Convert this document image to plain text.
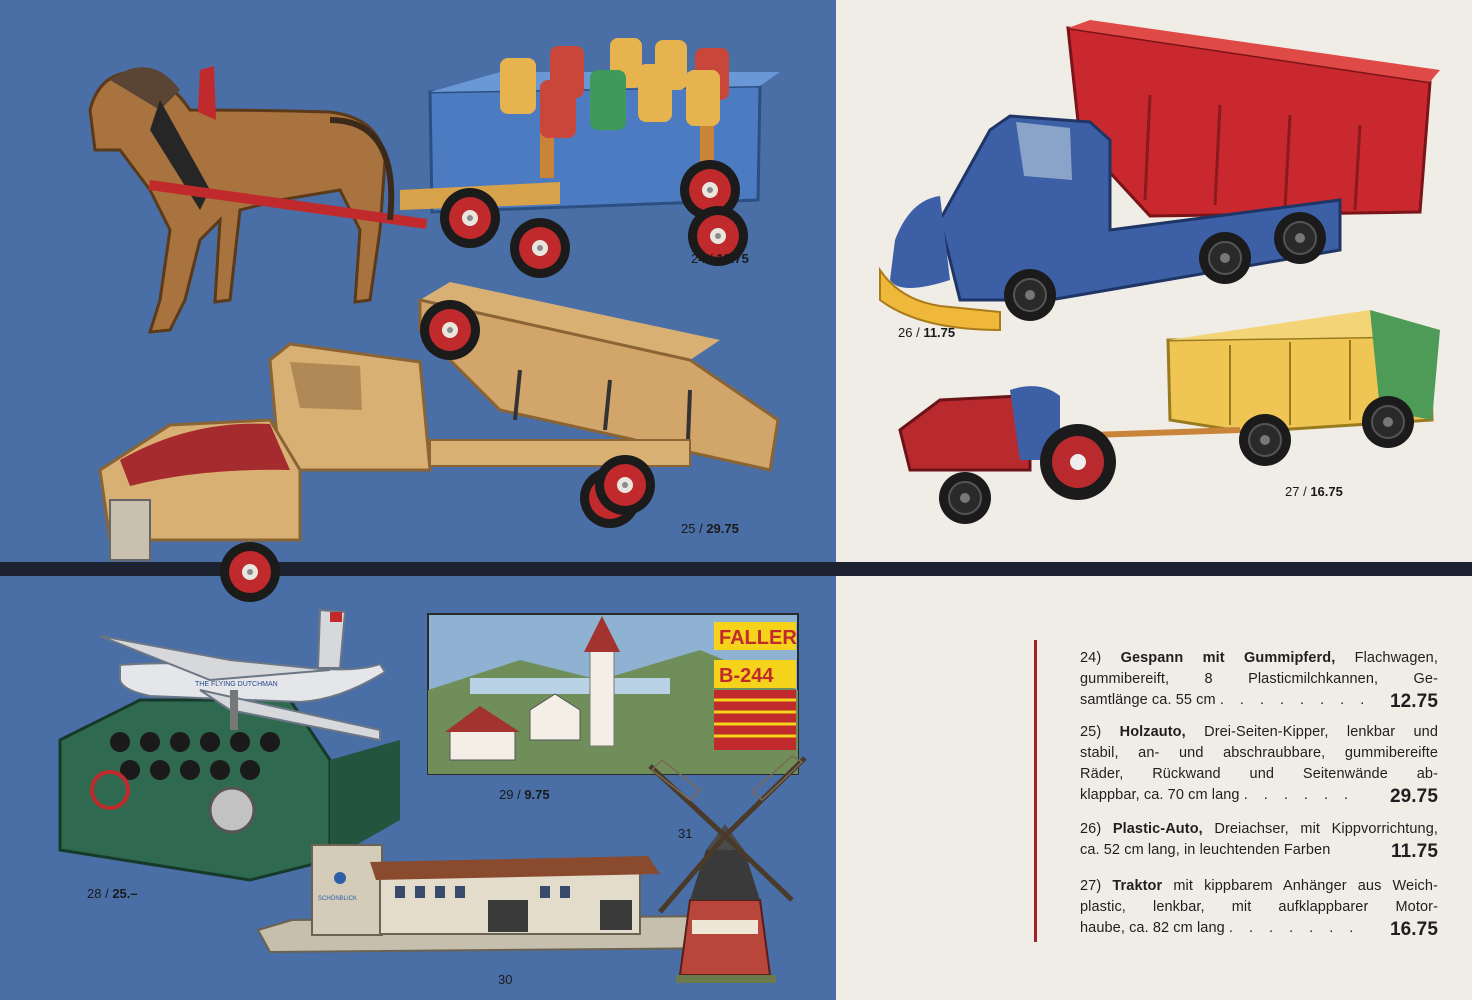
THE FLYING DUTCHMAN
FALLER
B-244
SCHÖNBLICK
24 / 12.75
25 / 29.75
26 / 11.75
27 / 16.75
28 / 25.–
29 / 9.75
30
31
24) Gespann mit Gummipferd, Flachwagen,
gummibereift, 8 Plasticmilchkannen, Ge-
samtlänge ca. 55 cm . . . . . . . . 12.75
25) Holzauto, Drei-Seiten-Kipper, lenkbar und
stabil, an- und abschraubbare, gummibereifte
Räder, Rückwand und Seitenwände ab-
klappbar, ca. 70 cm lang . . . . . . 29.75
26) Plastic-Auto, Dreiachser, mit Kippvorrichtung,
ca. 52 cm lang, in leuchtenden Farben	11.75
27) Traktor mit kippbarem Anhänger aus Weich-
plastic, lenkbar, mit aufklappbarer Motor-
haube, ca. 82 cm lang . . . . . . . 16.75
